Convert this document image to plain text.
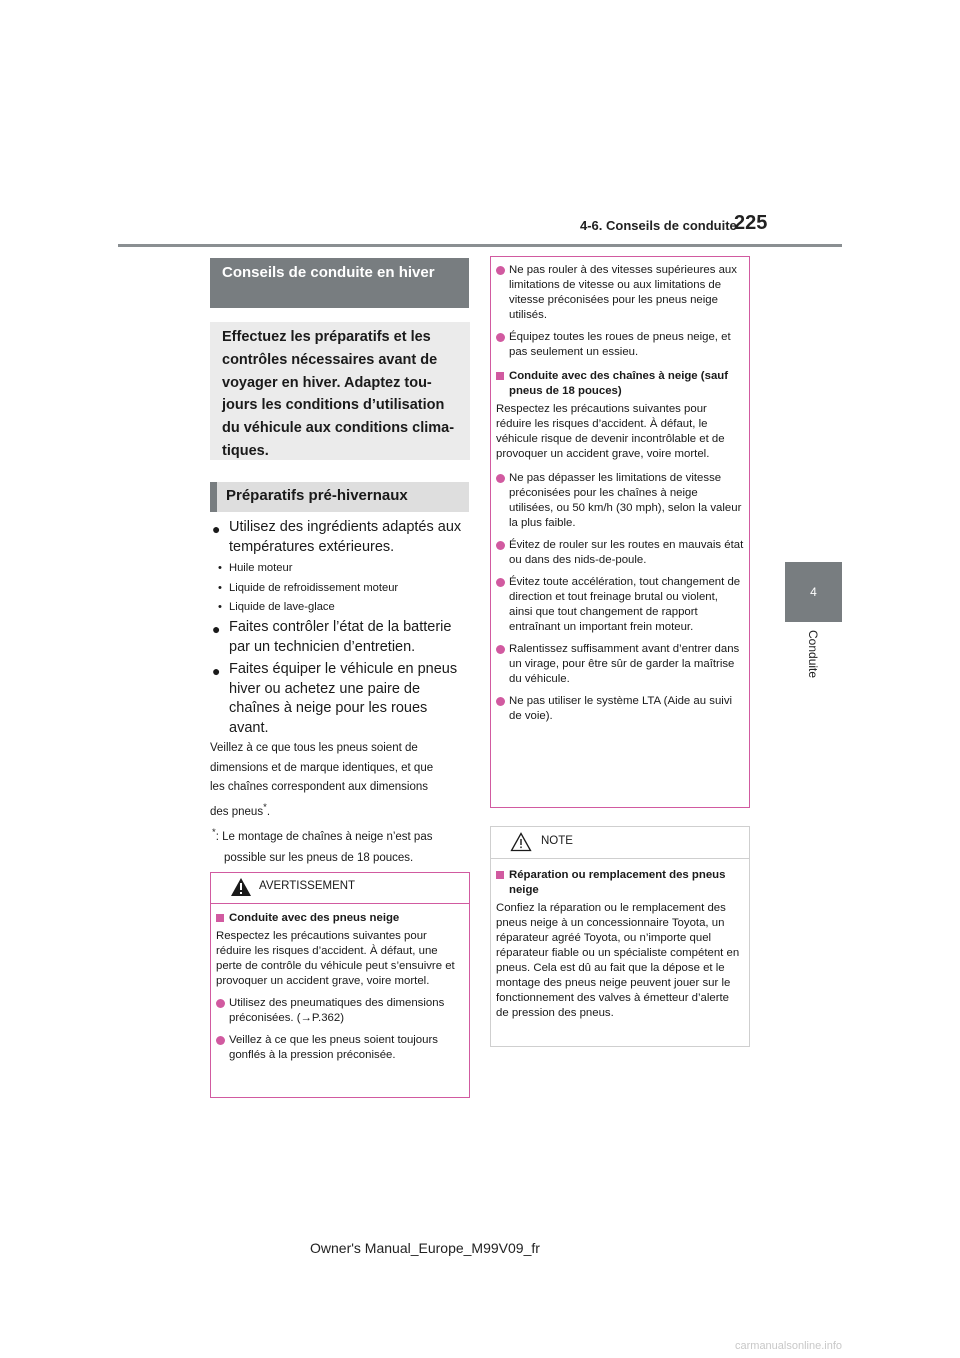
4-6. Conseils de conduite
225
4
Conduite
Conseils de conduite en hiver
Effectuez les préparatifs et les
contrôles nécessaires avant de
voyager en hiver. Adaptez tou-
jours les conditions d’utilisation
du véhicule aux conditions clima-
tiques.
Préparatifs pré-hivernaux
● Utilisez des ingrédients adaptés aux
températures extérieures.
• Huile moteur
• Liquide de refroidissement moteur
• Liquide de lave-glace
● Faites contrôler l’état de la batterie
par un technicien d’entretien.
● Faites équiper le véhicule en pneus
hiver ou achetez une paire de
chaînes à neige pour les roues
avant.
Veillez à ce que tous les pneus soient de
dimensions et de marque identiques, et que
les chaînes correspondent aux dimensions
des pneus*.
*: Le montage de chaînes à neige n’est pas
possible sur les pneus de 18 pouces.
AVERTISSEMENT
Conduite avec des pneus neige
Respectez les précautions suivantes pour réduire les risques d’accident. À défaut, une perte de contrôle du véhicule peut s’ensuivre et provoquer un accident grave, voire mortel.
Utilisez des pneumatiques des dimensions préconisées. (→P.362)
Veillez à ce que les pneus soient toujours gonflés à la pression préconisée.
Ne pas rouler à des vitesses supérieures aux limitations de vitesse ou aux limitations de vitesse préconisées pour les pneus neige utilisés.
Équipez toutes les roues de pneus neige, et pas seulement un essieu.
Conduite avec des chaînes à neige (sauf pneus de 18 pouces)
Respectez les précautions suivantes pour réduire les risques d’accident. À défaut, le véhicule risque de devenir incontrôlable et de provoquer un accident grave, voire mortel.
Ne pas dépasser les limitations de vitesse préconisées pour les chaînes à neige utilisées, ou 50 km/h (30 mph), selon la valeur la plus faible.
Évitez de rouler sur les routes en mauvais état ou dans des nids-de-poule.
Évitez toute accélération, tout changement de direction et tout freinage brutal ou violent, ainsi que tout changement de rapport entraînant un important frein moteur.
Ralentissez suffisamment avant d’entrer dans un virage, pour être sûr de garder la maîtrise du véhicule.
Ne pas utiliser le système LTA (Aide au suivi de voie).
NOTE
Réparation ou remplacement des pneus neige
Confiez la réparation ou le remplacement des pneus neige à un concessionnaire Toyota, un réparateur agréé Toyota, ou n’importe quel réparateur fiable ou un spécialiste compétent en pneus. Cela est dû au fait que la dépose et le montage des pneus neige peuvent jouer sur le fonctionnement des valves à émetteur d’alerte de pression des pneus.
Owner's Manual_Europe_M99V09_fr
carmanualsonline.info
